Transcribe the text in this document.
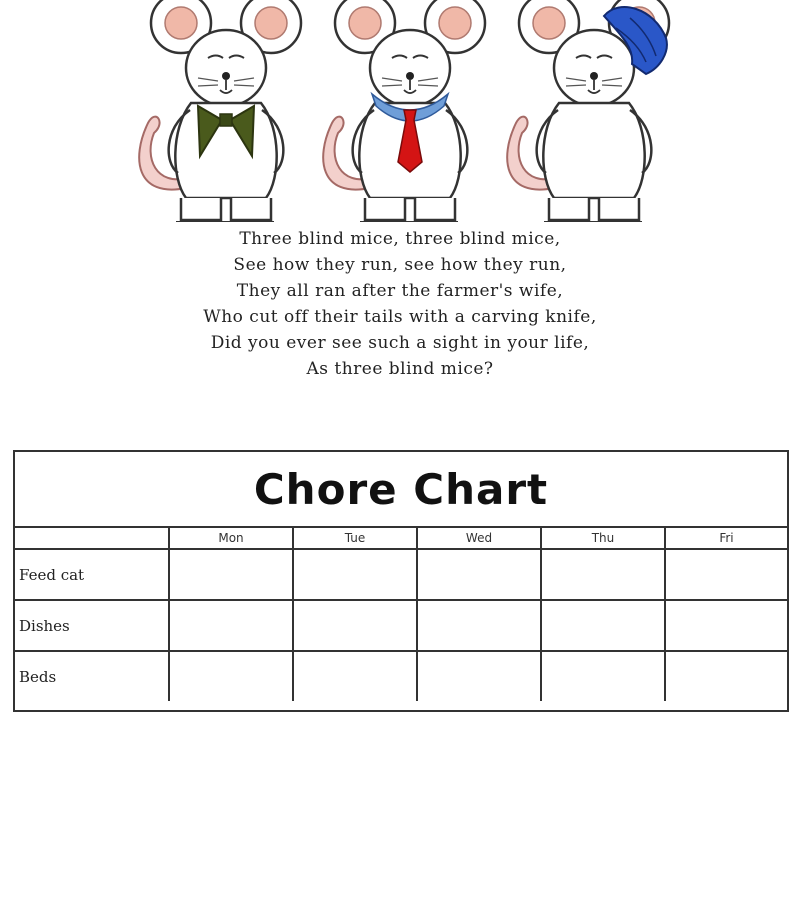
Three blind mice, three blind mice,
See how they run, see how they run,
They all ran after the farmer's wife,
Who cut off their tails with a carving knife,
Did you ever see such a sight in your life,
As three blind mice?
Chore Chart
	Mon	Tue	Wed	Thu	Fri
Feed cat					
Dishes					
Beds					
